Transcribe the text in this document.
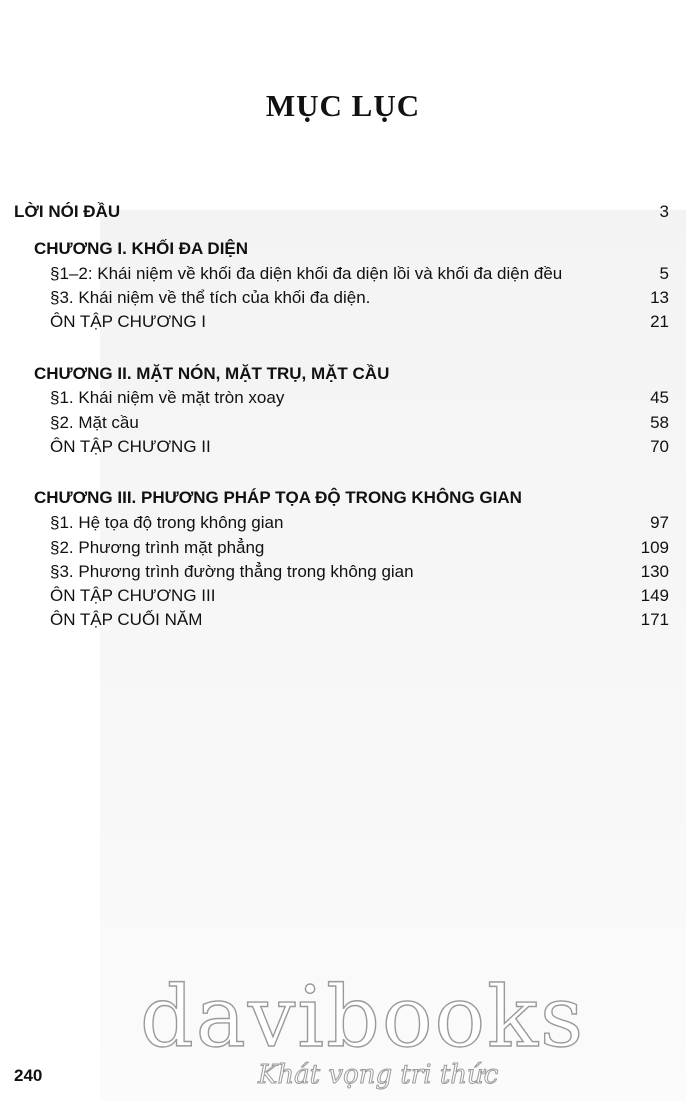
MỤC LỤC
LỜI NÓI ĐẦU	3
CHƯƠNG I. KHỐI ĐA DIỆN
§1–2: Khái niệm về khối đa diện khối đa diện lồi và khối đa diện đều	5
§3. Khái niệm về thể tích của khối đa diện.	13
ÔN TẬP CHƯƠNG I	21
CHƯƠNG II. MẶT NÓN, MẶT TRỤ, MẶT CẦU
§1. Khái niệm về mặt tròn xoay	45
§2. Mặt cầu	58
ÔN TẬP CHƯƠNG II	70
CHƯƠNG III. PHƯƠNG PHÁP TỌA ĐỘ TRONG KHÔNG GIAN
§1. Hệ tọa độ trong không gian	97
§2. Phương trình mặt phẳng	109
§3. Phương trình đường thẳng trong không gian	130
ÔN TẬP CHƯƠNG III	149
ÔN TẬP CUỐI NĂM	171
davibooks
Khát vọng tri thức
240
